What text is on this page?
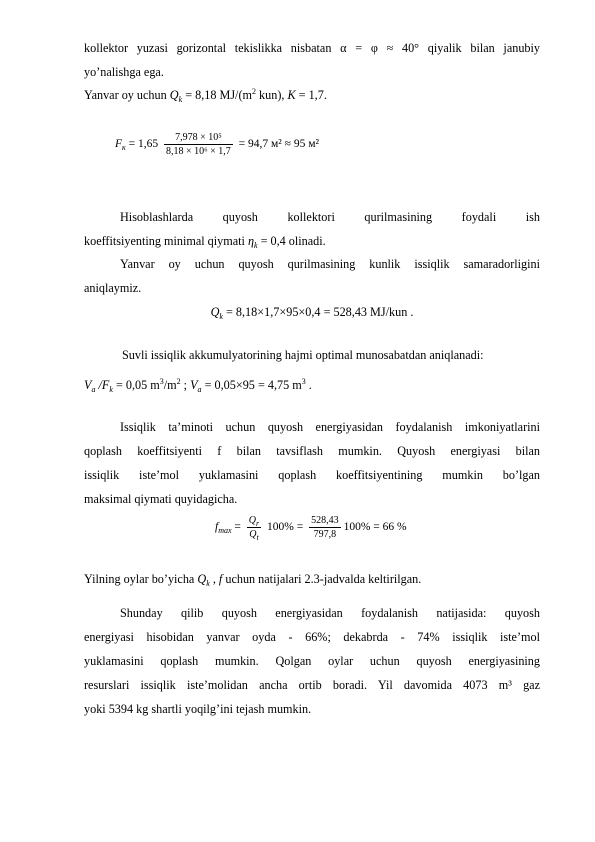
kollektor yuzasi gorizontal tekislikka nisbatan α = φ ≈ 40° qiyalik bilan janubiy
yo’nalishga ega.
Yanvar oy uchun $Q_k = 8,18$ $MJ/(m^2$ kun), K = 1,7.
$F_к = 1,65 \frac{\text{7,978 × 10⁵}}{\text{8,18 × 10⁶ × 1,7}} = 94,7$ м² ≈ 95 м²
Hisoblashlarda quyosh kollektori qurilmasining foydali ish
koeffitsiyenting minimal qiymati $\eta_k = 0,4$ olinadi.
Yanvar oy uchun quyosh qurilmasining kunlik issiqlik samaradorligini
aniqlaymiz.
$Q_k = 8,18\times 1,7\times 95\times 0,4 = 528,43$ MJ/kun .
Suvli issiqlik akkumulyatorining hajmi optimal munosabatdan aniqlanadi:
$V_a$ $/F_k = 0,05$ $m^3/m^2$ ; $V_a = 0,05\times 95 = 4,75$ $m^3$ .
Issiqlik ta’minoti uchun quyosh energiyasidan foydalanish imkoniyatlarini
qoplash koeffitsiyenti f bilan tavsiflash mumkin. Quyosh energiyasi bilan
issiqlik iste’mol yuklamasini qoplash koeffitsiyentining mumkin bo’lgan
maksimal qiymati quyidagicha.
$f_{max} = \frac{Q_r}{Q_t} 100\% = \frac{528,43}{797,8} 100\% = 66$ %
Yilning oylar bo’yicha $Q_k$ , f uchun natijalari 2.3-jadvalda keltirilgan.
Shunday qilib quyosh energiyasidan foydalanish natijasida: quyosh
energiyasi hisobidan yanvar oyda - 66%; dekabrda - 74% issiqlik iste’mol
yuklamasini qoplash mumkin. Qolgan oylar uchun quyosh energiyasining
resurslari issiqlik iste’molidan ancha ortib boradi. Yil davomida 4073 m³ gaz
yoki 5394 kg shartli yoqilg’ini tejash mumkin.
